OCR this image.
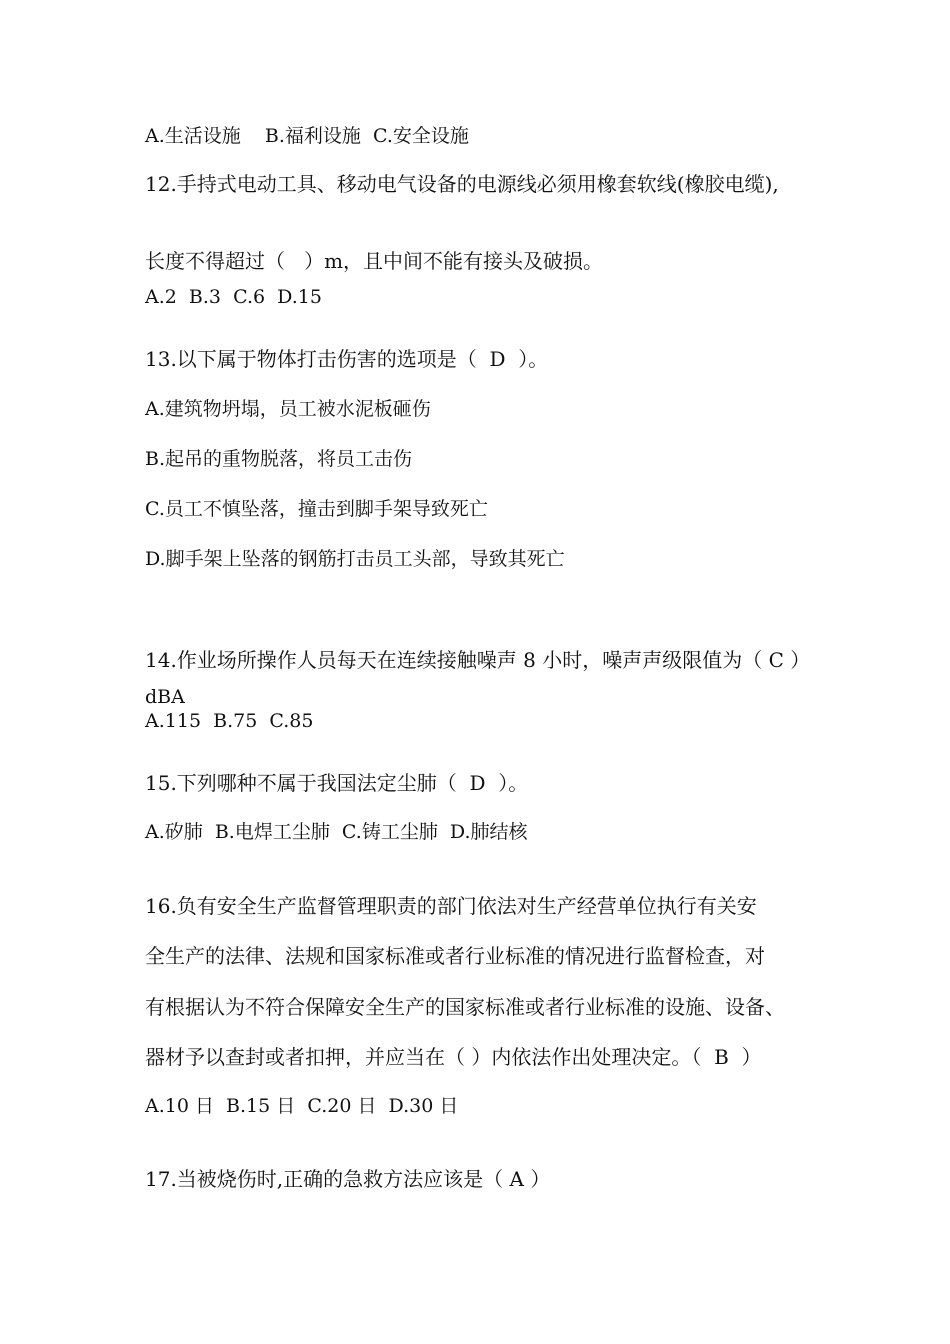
A.生活设施    B.福利设施  C.安全设施

12.手持式电动工具、移动电气设备的电源线必须用橡套软线(橡胶电缆),

长度不得超过（   ）m，且中间不能有接头及破损。

A.2  B.3  C.6  D.15

13.以下属于物体打击伤害的选项是（  D  ）。

A.建筑物坍塌，员工被水泥板砸伤

B.起吊的重物脱落，将员工击伤

C.员工不慎坠落，撞击到脚手架导致死亡

D.脚手架上坠落的钢筋打击员工头部，导致其死亡

14.作业场所操作人员每天在连续接触噪声 8 小时，噪声声级限值为（ C ）

dBA

A.115  B.75  C.85

15.下列哪种不属于我国法定尘肺（  D  ）。

A.矽肺  B.电焊工尘肺  C.铸工尘肺  D.肺结核

16.负有安全生产监督管理职责的部门依法对生产经营单位执行有关安

全生产的法律、法规和国家标准或者行业标准的情况进行监督检查，对

有根据认为不符合保障安全生产的国家标准或者行业标准的设施、设备、

器材予以查封或者扣押，并应当在（ ）内依法作出处理决定。（  B  ）

A.10 日  B.15 日  C.20 日  D.30 日

17.当被烧伤时,正确的急救方法应该是（ A ）
